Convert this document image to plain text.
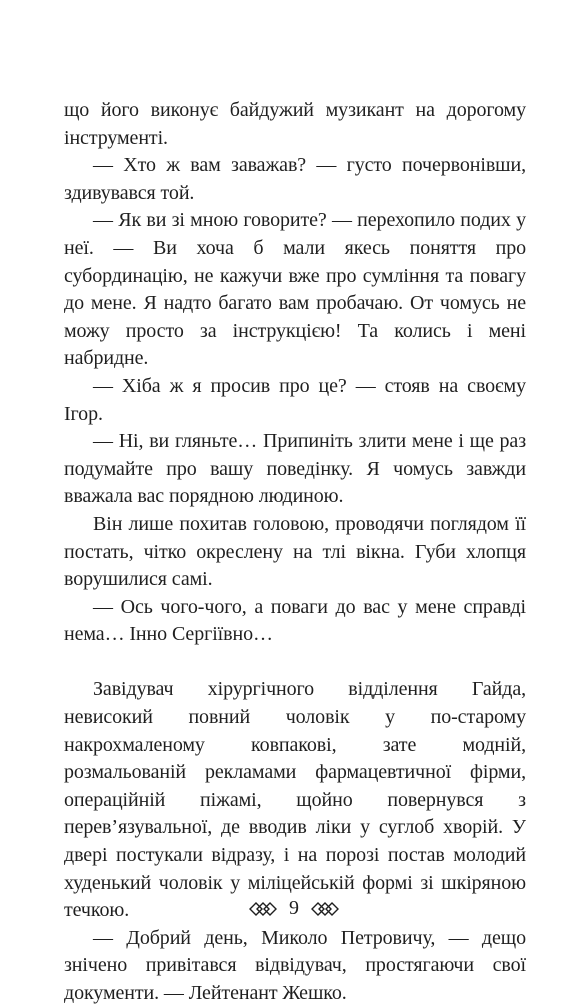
що його виконує байдужий музикант на дорогому інструменті.

— Хто ж вам заважав? — густо почервонівши, здивувався той.

— Як ви зі мною говорите? — перехопило подих у неї. — Ви хоча б мали якесь поняття про субординацію, не кажучи вже про сумління та повагу до мене. Я надто багато вам пробачаю. От чомусь не можу просто за інструкцією! Та колись і мені набридне.

— Хіба ж я просив про це? — стояв на своєму Ігор.

— Ні, ви гляньте… Припиніть злити мене і ще раз подумайте про вашу поведінку. Я чомусь завжди вважала вас порядною людиною.

Він лише похитав головою, проводячи поглядом її постать, чітко окреслену на тлі вікна. Губи хлопця ворушилися самі.

— Ось чого-чого, а поваги до вас у мене справді нема… Інно Сергіївно…

Завідувач хірургічного відділення Гайда, невисокий повний чоловік у по-старому накрохмаленому ковпакові, зате модній, розмальованій рекламами фармацевтичної фірми, операційній піжамі, щойно повернувся з перев’язувальної, де вводив ліки у суглоб хворій. У двері постукали відразу, і на порозі постав молодий худенький чоловік у міліцейській формі зі шкіряною течкою.

— Добрий день, Миколо Петровичу, — дещо знічено привітався відвідувач, простягаючи свої документи. — Лейтенант Жешко.

9
